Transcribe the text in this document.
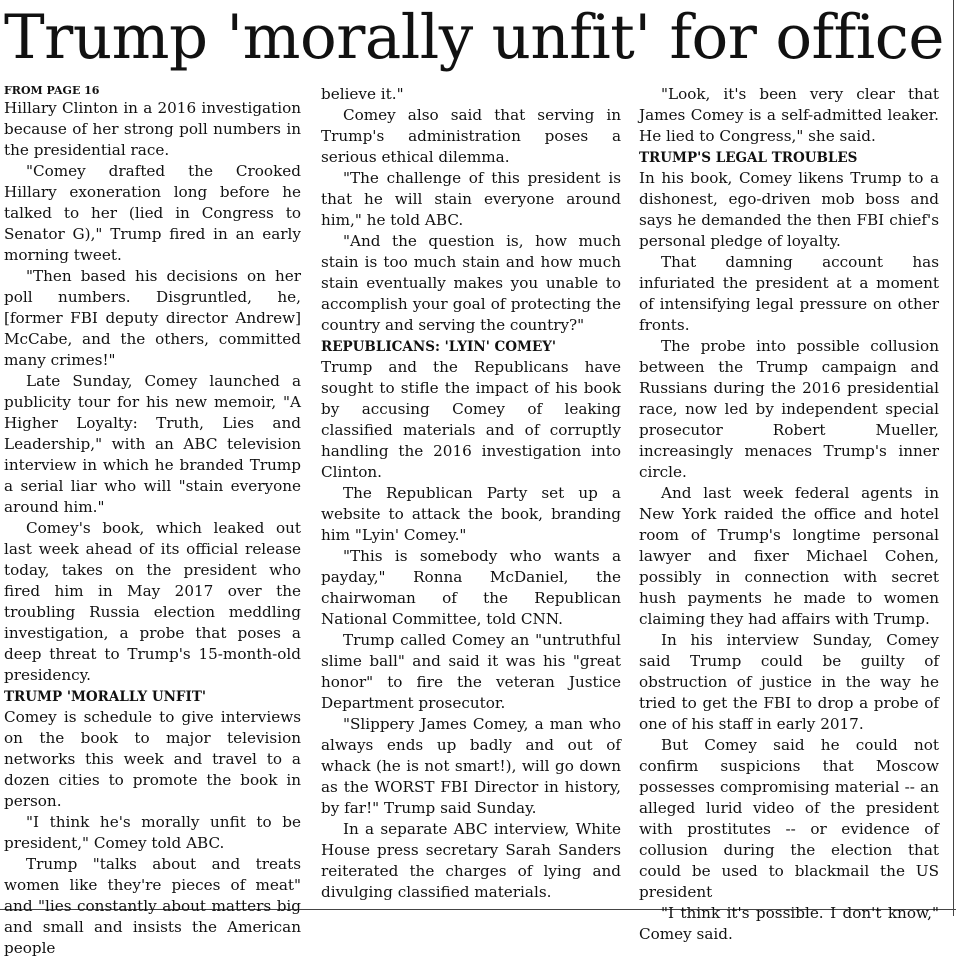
Trump 'morally unfit' for office

FROM PAGE 16

Hillary Clinton in a 2016 investigation because of her strong poll numbers in the presidential race.

"Comey drafted the Crooked Hillary exoneration long before he talked to her (lied in Congress to Senator G)," Trump fired in an early morning tweet.

"Then based his decisions on her poll numbers. Disgruntled, he, [former FBI deputy director Andrew] McCabe, and the others, committed many crimes!"

Late Sunday, Comey launched a publicity tour for his new memoir, "A Higher Loyalty: Truth, Lies and Leadership," with an ABC television interview in which he branded Trump a serial liar who will "stain everyone around him."

Comey's book, which leaked out last week ahead of its official release today, takes on the president who fired him in May 2017 over the troubling Russia election meddling investigation, a probe that poses a deep threat to Trump's 15-month-old presidency.

TRUMP 'MORALLY UNFIT'

Comey is schedule to give interviews on the book to major television networks this week and travel to a dozen cities to promote the book in person.

"I think he's morally unfit to be president," Comey told ABC.

Trump "talks about and treats women like they're pieces of meat" and "lies constantly about matters big and small and insists the American people

believe it."

Comey also said that serving in Trump's administration poses a serious ethical dilemma.

"The challenge of this president is that he will stain everyone around him," he told ABC.

"And the question is, how much stain is too much stain and how much stain eventually makes you unable to accomplish your goal of protecting the country and serving the country?"

REPUBLICANS: 'LYIN' COMEY'

Trump and the Republicans have sought to stifle the impact of his book by accusing Comey of leaking classified materials and of corruptly handling the 2016 investigation into Clinton.

The Republican Party set up a website to attack the book, branding him "Lyin' Comey."

"This is somebody who wants a payday," Ronna McDaniel, the chairwoman of the Republican National Committee, told CNN.

Trump called Comey an "untruthful slime ball" and said it was his "great honor" to fire the veteran Justice Department prosecutor.

"Slippery James Comey, a man who always ends up badly and out of whack (he is not smart!), will go down as the WORST FBI Director in history, by far!" Trump said Sunday.

In a separate ABC interview, White House press secretary Sarah Sanders reiterated the charges of lying and divulging classified materials.

"Look, it's been very clear that James Comey is a self-admitted leaker. He lied to Congress," she said.

TRUMP'S LEGAL TROUBLES

In his book, Comey likens Trump to a dishonest, ego-driven mob boss and says he demanded the then FBI chief's personal pledge of loyalty.

That damning account has infuriated the president at a moment of intensifying legal pressure on other fronts.

The probe into possible collusion between the Trump campaign and Russians during the 2016 presidential race, now led by independent special prosecutor Robert Mueller, increasingly menaces Trump's inner circle.

And last week federal agents in New York raided the office and hotel room of Trump's longtime personal lawyer and fixer Michael Cohen, possibly in connection with secret hush payments he made to women claiming they had affairs with Trump.

In his interview Sunday, Comey said Trump could be guilty of obstruction of justice in the way he tried to get the FBI to drop a probe of one of his staff in early 2017.

But Comey said he could not confirm suspicions that Moscow possesses compromising material -- an alleged lurid video of the president with prostitutes -- or evidence of collusion during the election that could be used to blackmail the US president

"I think it's possible. I don't know," Comey said.
